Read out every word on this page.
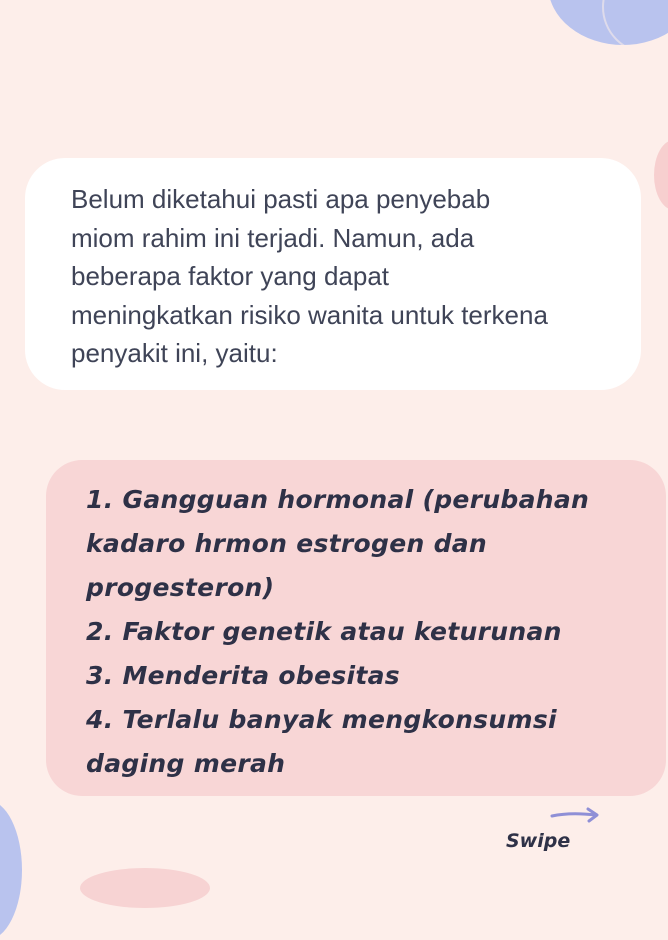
Belum diketahui pasti apa penyebab

miom rahim ini terjadi. Namun, ada

beberapa faktor yang dapat

meningkatkan risiko wanita untuk terkena

penyakit ini, yaitu:

1. Gangguan hormonal (perubahan

kadaro hrmon estrogen dan

progesteron)

2. Faktor genetik atau keturunan

3. Menderita obesitas

4. Terlalu banyak mengkonsumsi

daging merah

Swipe
